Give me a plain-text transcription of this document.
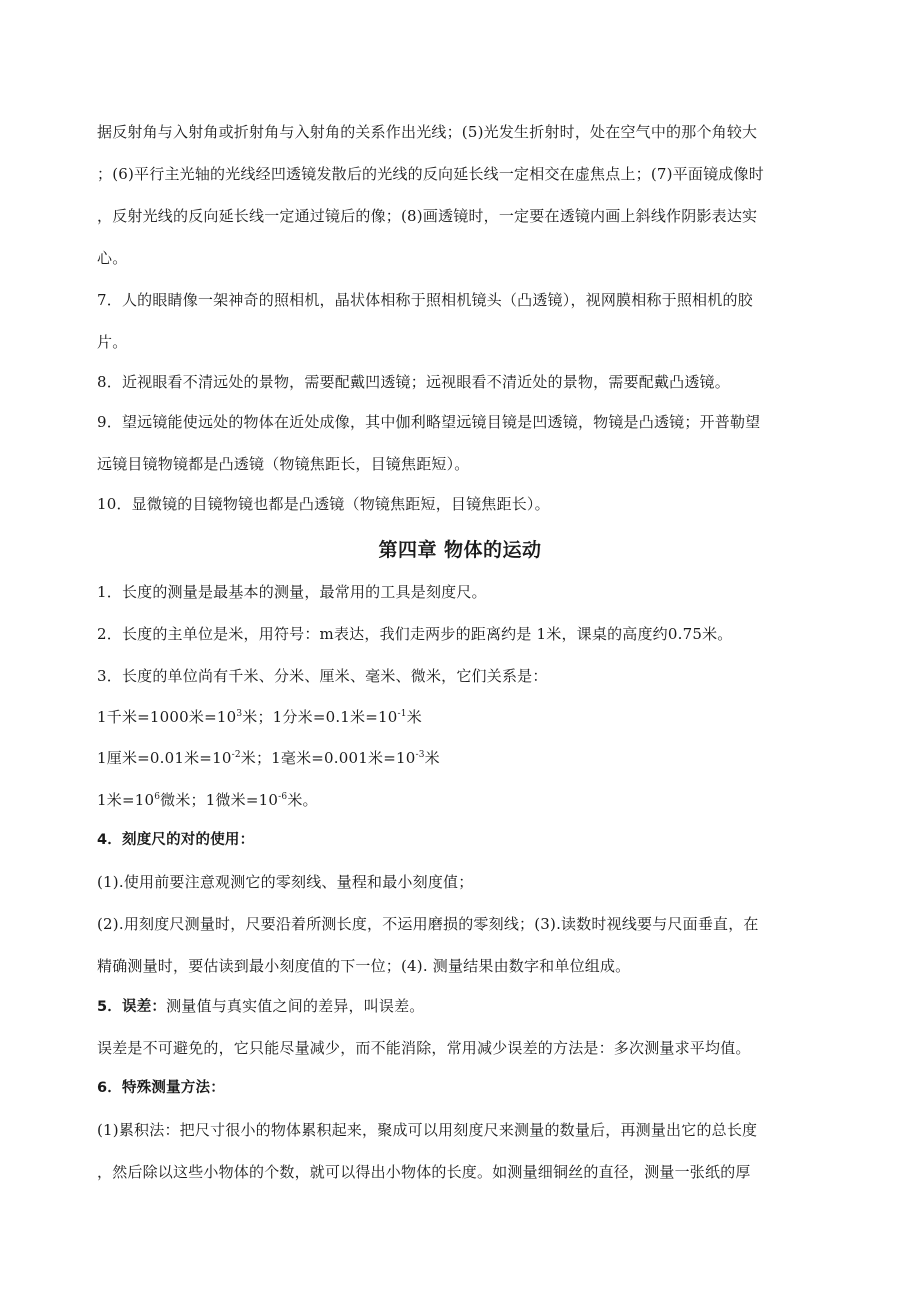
据反射角与入射角或折射角与入射角的关系作出光线；(5)光发生折射时，处在空气中的那个角较大
；(6)平行主光轴的光线经凹透镜发散后的光线的反向延长线一定相交在虚焦点上；(7)平面镜成像时
，反射光线的反向延长线一定通过镜后的像；(8)画透镜时，一定要在透镜内画上斜线作阴影表达实
心。
7．人的眼睛像一架神奇的照相机，晶状体相称于照相机镜头（凸透镜），视网膜相称于照相机的胶
片。
8．近视眼看不清远处的景物，需要配戴凹透镜；远视眼看不清近处的景物，需要配戴凸透镜。
9．望远镜能使远处的物体在近处成像，其中伽利略望远镜目镜是凹透镜，物镜是凸透镜；开普勒望
远镜目镜物镜都是凸透镜（物镜焦距长，目镜焦距短）。
10．显微镜的目镜物镜也都是凸透镜（物镜焦距短，目镜焦距长）。
第四章 物体的运动
1．长度的测量是最基本的测量，最常用的工具是刻度尺。
2．长度的主单位是米，用符号：m表达，我们走两步的距离约是 1米，课桌的高度约0.75米。
3．长度的单位尚有千米、分米、厘米、毫米、微米，它们关系是：
1千米=1000米$=10^3$米；1分米=0.1米$=10^{-1}$米
1厘米=0.01米$=10^{-2}$米；1毫米=0.001米$=10^{-3}$米
1米$=10^6$微米；1微米$=10^{-6}$米。
4．刻度尺的对的使用：
(1).使用前要注意观测它的零刻线、量程和最小刻度值；
(2).用刻度尺测量时，尺要沿着所测长度，不运用磨损的零刻线；(3).读数时视线要与尺面垂直，在
精确测量时，要估读到最小刻度值的下一位；(4). 测量结果由数字和单位组成。
5．误差：测量值与真实值之间的差异，叫误差。
误差是不可避免的，它只能尽量减少，而不能消除，常用减少误差的方法是：多次测量求平均值。
6．特殊测量方法：
(1)累积法：把尺寸很小的物体累积起来，聚成可以用刻度尺来测量的数量后，再测量出它的总长度
，然后除以这些小物体的个数，就可以得出小物体的长度。如测量细铜丝的直径，测量一张纸的厚
